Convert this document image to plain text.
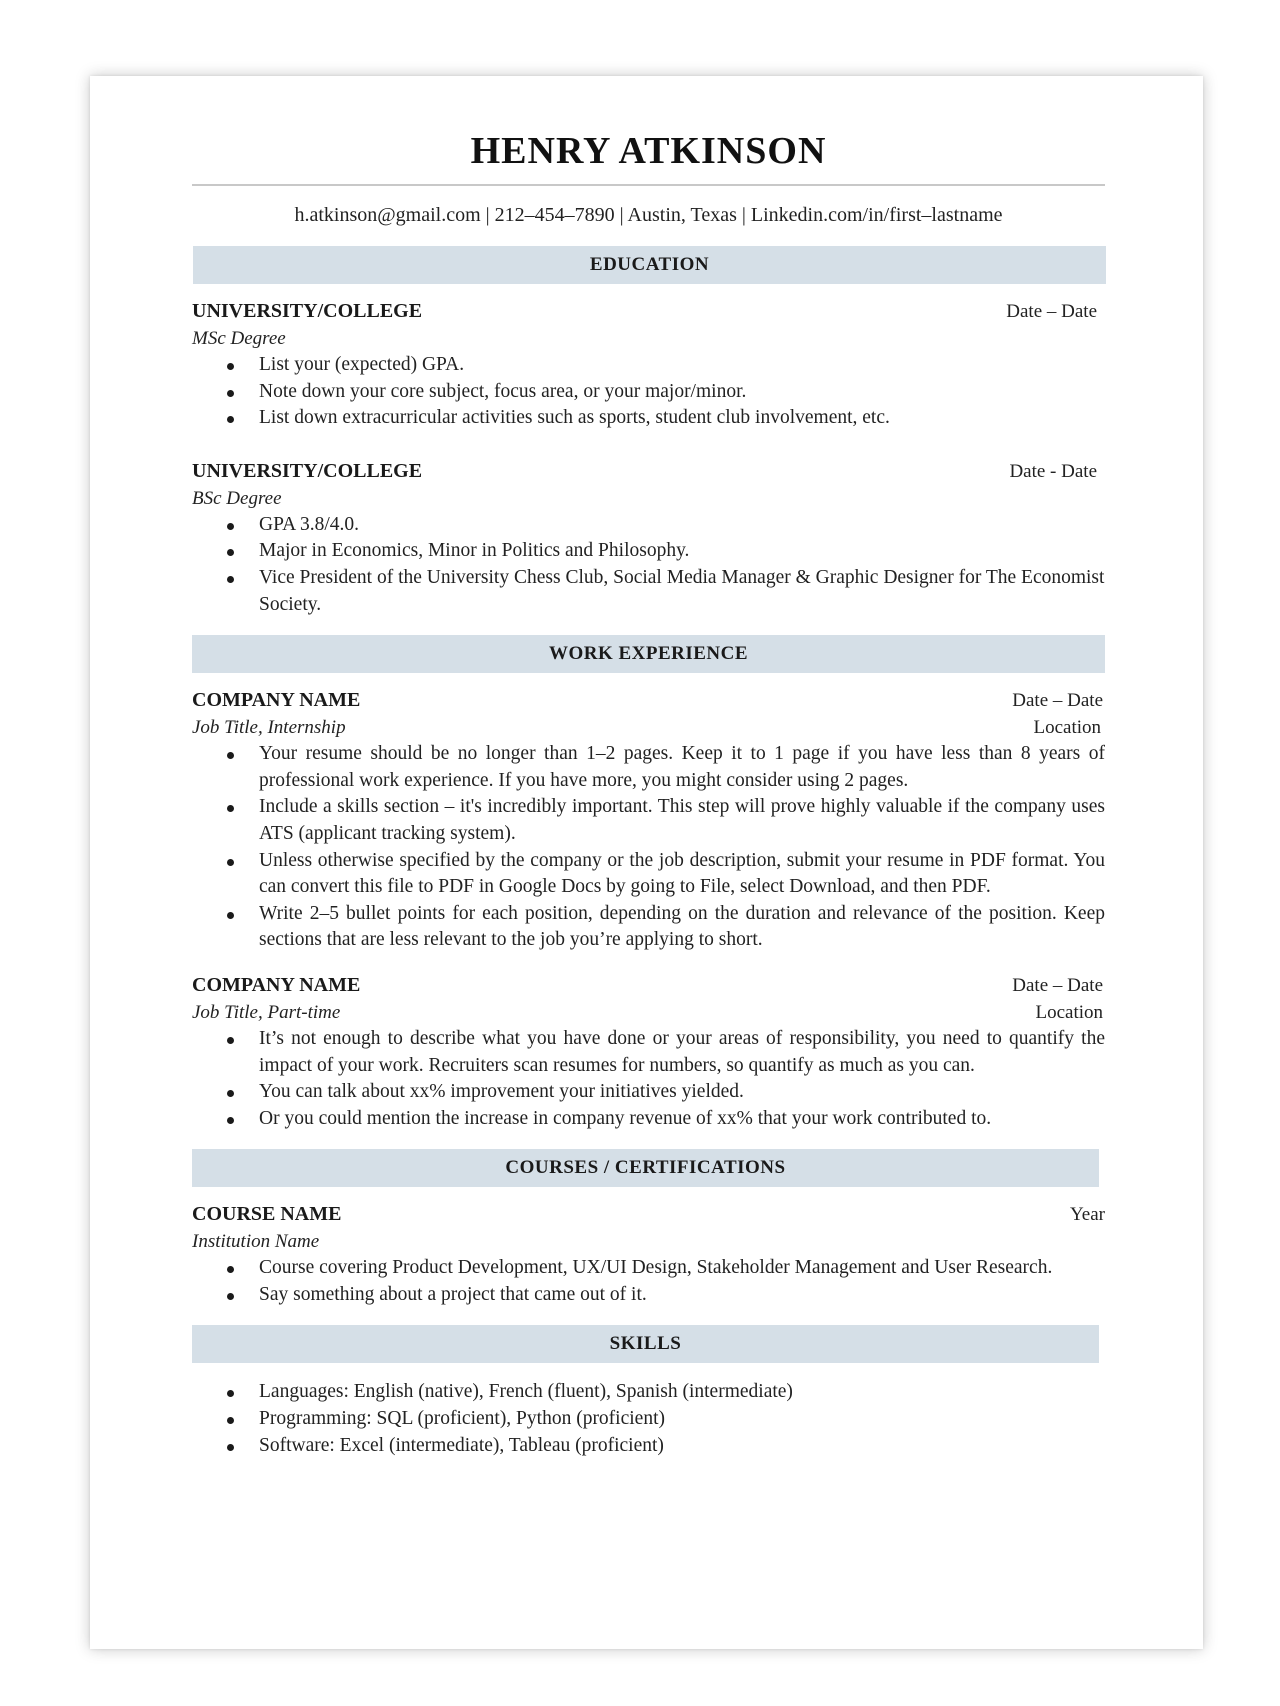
HENRY ATKINSON
h.atkinson@gmail.com | 212–454–7890 | Austin, Texas | Linkedin.com/in/first–lastname
EDUCATION
UNIVERSITY/COLLEGE	Date – Date
MSc Degree
List your (expected) GPA.
Note down your core subject, focus area, or your major/minor.
List down extracurricular activities such as sports, student club involvement, etc.
UNIVERSITY/COLLEGE	Date - Date
BSc Degree
GPA 3.8/4.0.
Major in Economics, Minor in Politics and Philosophy.
Vice President of the University Chess Club, Social Media Manager & Graphic Designer for The Economist Society.
WORK EXPERIENCE
COMPANY NAME	Date – Date
Job Title, Internship	Location
Your resume should be no longer than 1–2 pages. Keep it to 1 page if you have less than 8 years of professional work experience. If you have more, you might consider using 2 pages.
Include a skills section – it's incredibly important. This step will prove highly valuable if the company uses ATS (applicant tracking system).
Unless otherwise specified by the company or the job description, submit your resume in PDF format. You can convert this file to PDF in Google Docs by going to File, select Download, and then PDF.
Write 2–5 bullet points for each position, depending on the duration and relevance of the position. Keep sections that are less relevant to the job you’re applying to short.
COMPANY NAME	Date – Date
Job Title, Part-time	Location
It’s not enough to describe what you have done or your areas of responsibility, you need to quantify the impact of your work. Recruiters scan resumes for numbers, so quantify as much as you can.
You can talk about xx% improvement your initiatives yielded.
Or you could mention the increase in company revenue of xx% that your work contributed to.
COURSES / CERTIFICATIONS
COURSE NAME	Year
Institution Name
Course covering Product Development, UX/UI Design, Stakeholder Management and User Research.
Say something about a project that came out of it.
SKILLS
Languages: English (native), French (fluent), Spanish (intermediate)
Programming: SQL (proficient), Python (proficient)
Software: Excel (intermediate), Tableau (proficient)
